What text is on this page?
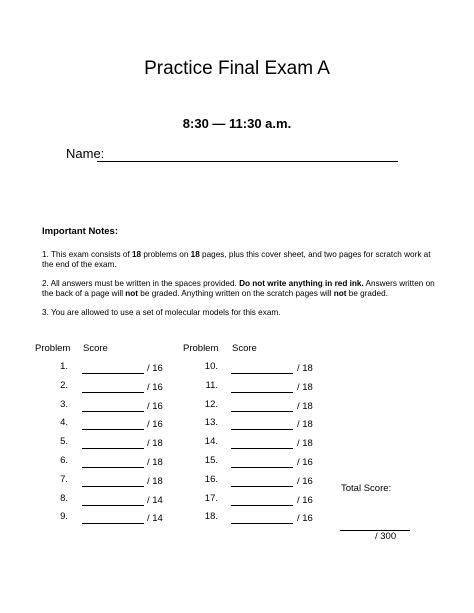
Practice Final Exam A
8:30 — 11:30 a.m.
Name:
Important Notes:

1. This exam consists of 18 problems on 18 pages, plus this cover sheet, and two pages for scratch work at the end of the exam.

2. All answers must be written in the spaces provided. Do not write anything in red ink. Answers written on the back of a page will not be graded. Anything written on the scratch pages will not be graded.

3. You are allowed to use a set of molecular models for this exam.

Problem Score	Problem Score
1.	/ 16
2.	/ 16
3.	/ 16
4.	/ 16
5.	/ 18
6.	/ 18
7.	/ 18
8.	/ 14
9.	/ 14
10.	/ 18
11.	/ 18
12.	/ 18
13.	/ 18
14.	/ 18
15.	/ 16
16.	/ 16
17.	/ 16
18.	/ 16
Total Score:
/ 300
